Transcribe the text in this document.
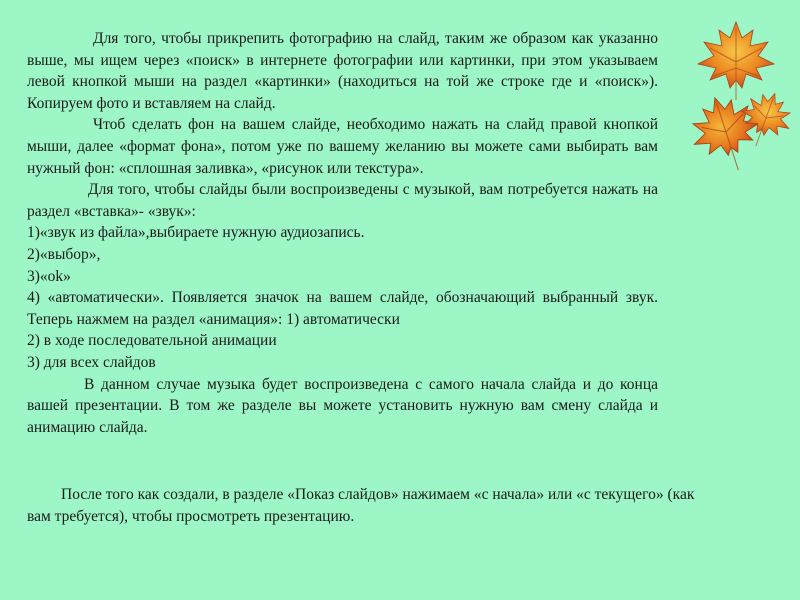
Для того, чтобы прикрепить фотографию на слайд, таким же образом как указанно выше, мы ищем через «поиск» в интернете фотографии или картинки, при этом указываем левой кнопкой мыши на раздел «картинки» (находиться на той же строке где и «поиск»). Копируем фото и вставляем на слайд.

Чтоб сделать фон на вашем слайде, необходимо нажать на слайд правой кнопкой мыши, далее «формат фона», потом уже по вашему желанию вы можете сами выбирать вам нужный фон: «сплошная заливка», «рисунок или текстура».

Для того, чтобы слайды были воспроизведены с музыкой, вам потребуется нажать на раздел «вставка»- «звук»:

1)«звук из файла»,выбираете нужную аудиозапись.

2)«выбор»,

3)«ok»

4) «автоматически». Появляется значок на вашем слайде, обозначающий выбранный звук. Теперь нажмем на раздел «анимация»: 1) автоматически

2) в ходе последовательной анимации

3) для всех слайдов

В данном случае музыка будет воспроизведена с самого начала слайда и до конца вашей презентации. В том же разделе вы можете установить нужную вам смену слайда и анимацию слайда.

После того как создали, в разделе «Показ слайдов» нажимаем «с начала» или «с текущего» (как вам требуется), чтобы просмотреть презентацию.
